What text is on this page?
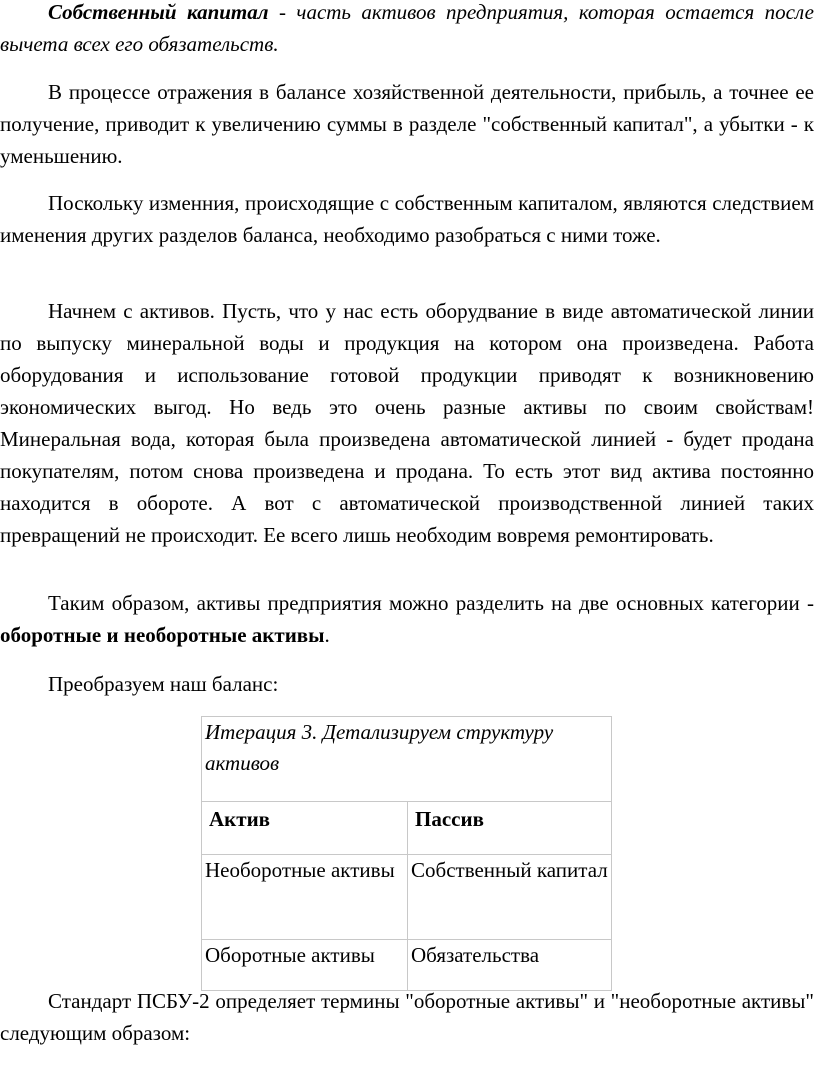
Собственный капитал - часть активов предприятия, которая остается после вычета всех его обязательств.

В процессе отражения в балансе хозяйственной деятельности, прибыль, а точнее ее получение, приводит к увеличению суммы в разделе "собственный капитал", а убытки - к уменьшению.

Поскольку изменния, происходящие с собственным капиталом, являются следствием именения других разделов баланса, необходимо разобраться с ними тоже.

Начнем с активов. Пусть, что у нас есть оборудвание в виде автоматической линии по выпуску минеральной воды и продукция на котором она произведена. Работа оборудования и использование готовой продукции приводят к возникновению экономических выгод. Но ведь это очень разные активы по своим свойствам! Минеральная вода, которая была произведена автоматической линией - будет продана покупателям, потом снова произведена и продана. То есть этот вид актива постоянно находится в обороте. А вот с автоматической производственной линией таких превращений не происходит. Ее всего лишь необходим вовремя ремонтировать.

Таким образом, активы предприятия можно разделить на две основных категории - оборотные и необоротные активы.

Преобразуем наш баланс:

Итерация 3. Детализируем структуру активов	
Актив	Пассив
Необоротные активы	Собственный капитал
Оборотные активы	Обязательства

Стандарт ПСБУ-2 определяет термины "оборотные активы" и "необоротные активы" следующим образом:
